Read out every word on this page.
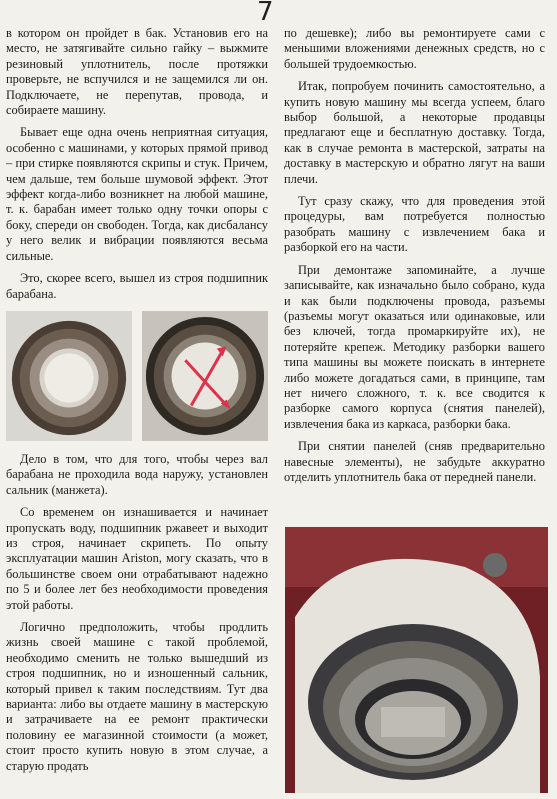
7

в котором он пройдет в бак. Установив его на место, не затягивайте сильно гайку – выжмите резиновый уплотнитель, после протяжки проверьте, не вспучился и не защемился ли он. Подключаете, не перепутав, провода, и собираете машину.

Бывает еще одна очень неприятная ситуация, особенно с машинами, у которых прямой привод – при стирке появляются скрипы и стук. Причем, чем дальше, тем больше шумовой эффект. Этот эффект когда-либо возникнет на любой машине, т. к. барабан имеет только одну точки опоры с боку, спереди он свободен. Тогда, как дисбалансу у него велик и вибрации появляются весьма сильные.

Это, скорее всего, вышел из строя подшипник барабана.

Дело в том, что для того, чтобы через вал барабана не проходила вода наружу, установлен сальник (манжета).

Со временем он изнашивается и начинает пропускать воду, подшипник ржавеет и выходит из строя, начинает скрипеть. По опыту эксплуатации машин Ariston, могу сказать, что в большинстве своем они отрабатывают надежно по 5 и более лет без необходимости проведения этой работы.

Логично предположить, чтобы продлить жизнь своей машине с такой проблемой, необходимо сменить не только вышедший из строя подшипник, но и изношенный сальник, который привел к таким последствиям. Тут два варианта: либо вы отдаете машину в мастерскую и затрачиваете на ее ремонт практически половину ее магазинной стоимости (а может, стоит просто купить новую в этом случае, а старую продать

по дешевке); либо вы ремонтируете сами с меньшими вложениями денежных средств, но с большей трудоемкостью.

Итак, попробуем починить самостоятельно, а купить новую машину мы всегда успеем, благо выбор большой, а некоторые продавцы предлагают еще и бесплатную доставку. Тогда, как в случае ремонта в мастерской, затраты на доставку в мастерскую и обратно лягут на ваши плечи.

Тут сразу скажу, что для проведения этой процедуры, вам потребуется полностью разобрать машину с извлечением бака и разборкой его на части.

При демонтаже запоминайте, а лучше записывайте, как изначально было собрано, куда и как были подключены провода, разъемы (разъемы могут оказаться или одинаковые, или без ключей, тогда промаркируйте их), не потеряйте крепеж. Методику разборки вашего типа машины вы можете поискать в интернете либо можете догадаться сами, в принципе, там нет ничего сложного, т. к. все сводится к разборке самого корпуса (снятия панелей), извлечения бака из каркаса, разборки бака.

При снятии панелей (сняв предварительно навесные элементы), не забудьте аккуратно отделить уплотнитель бака от передней панели.
